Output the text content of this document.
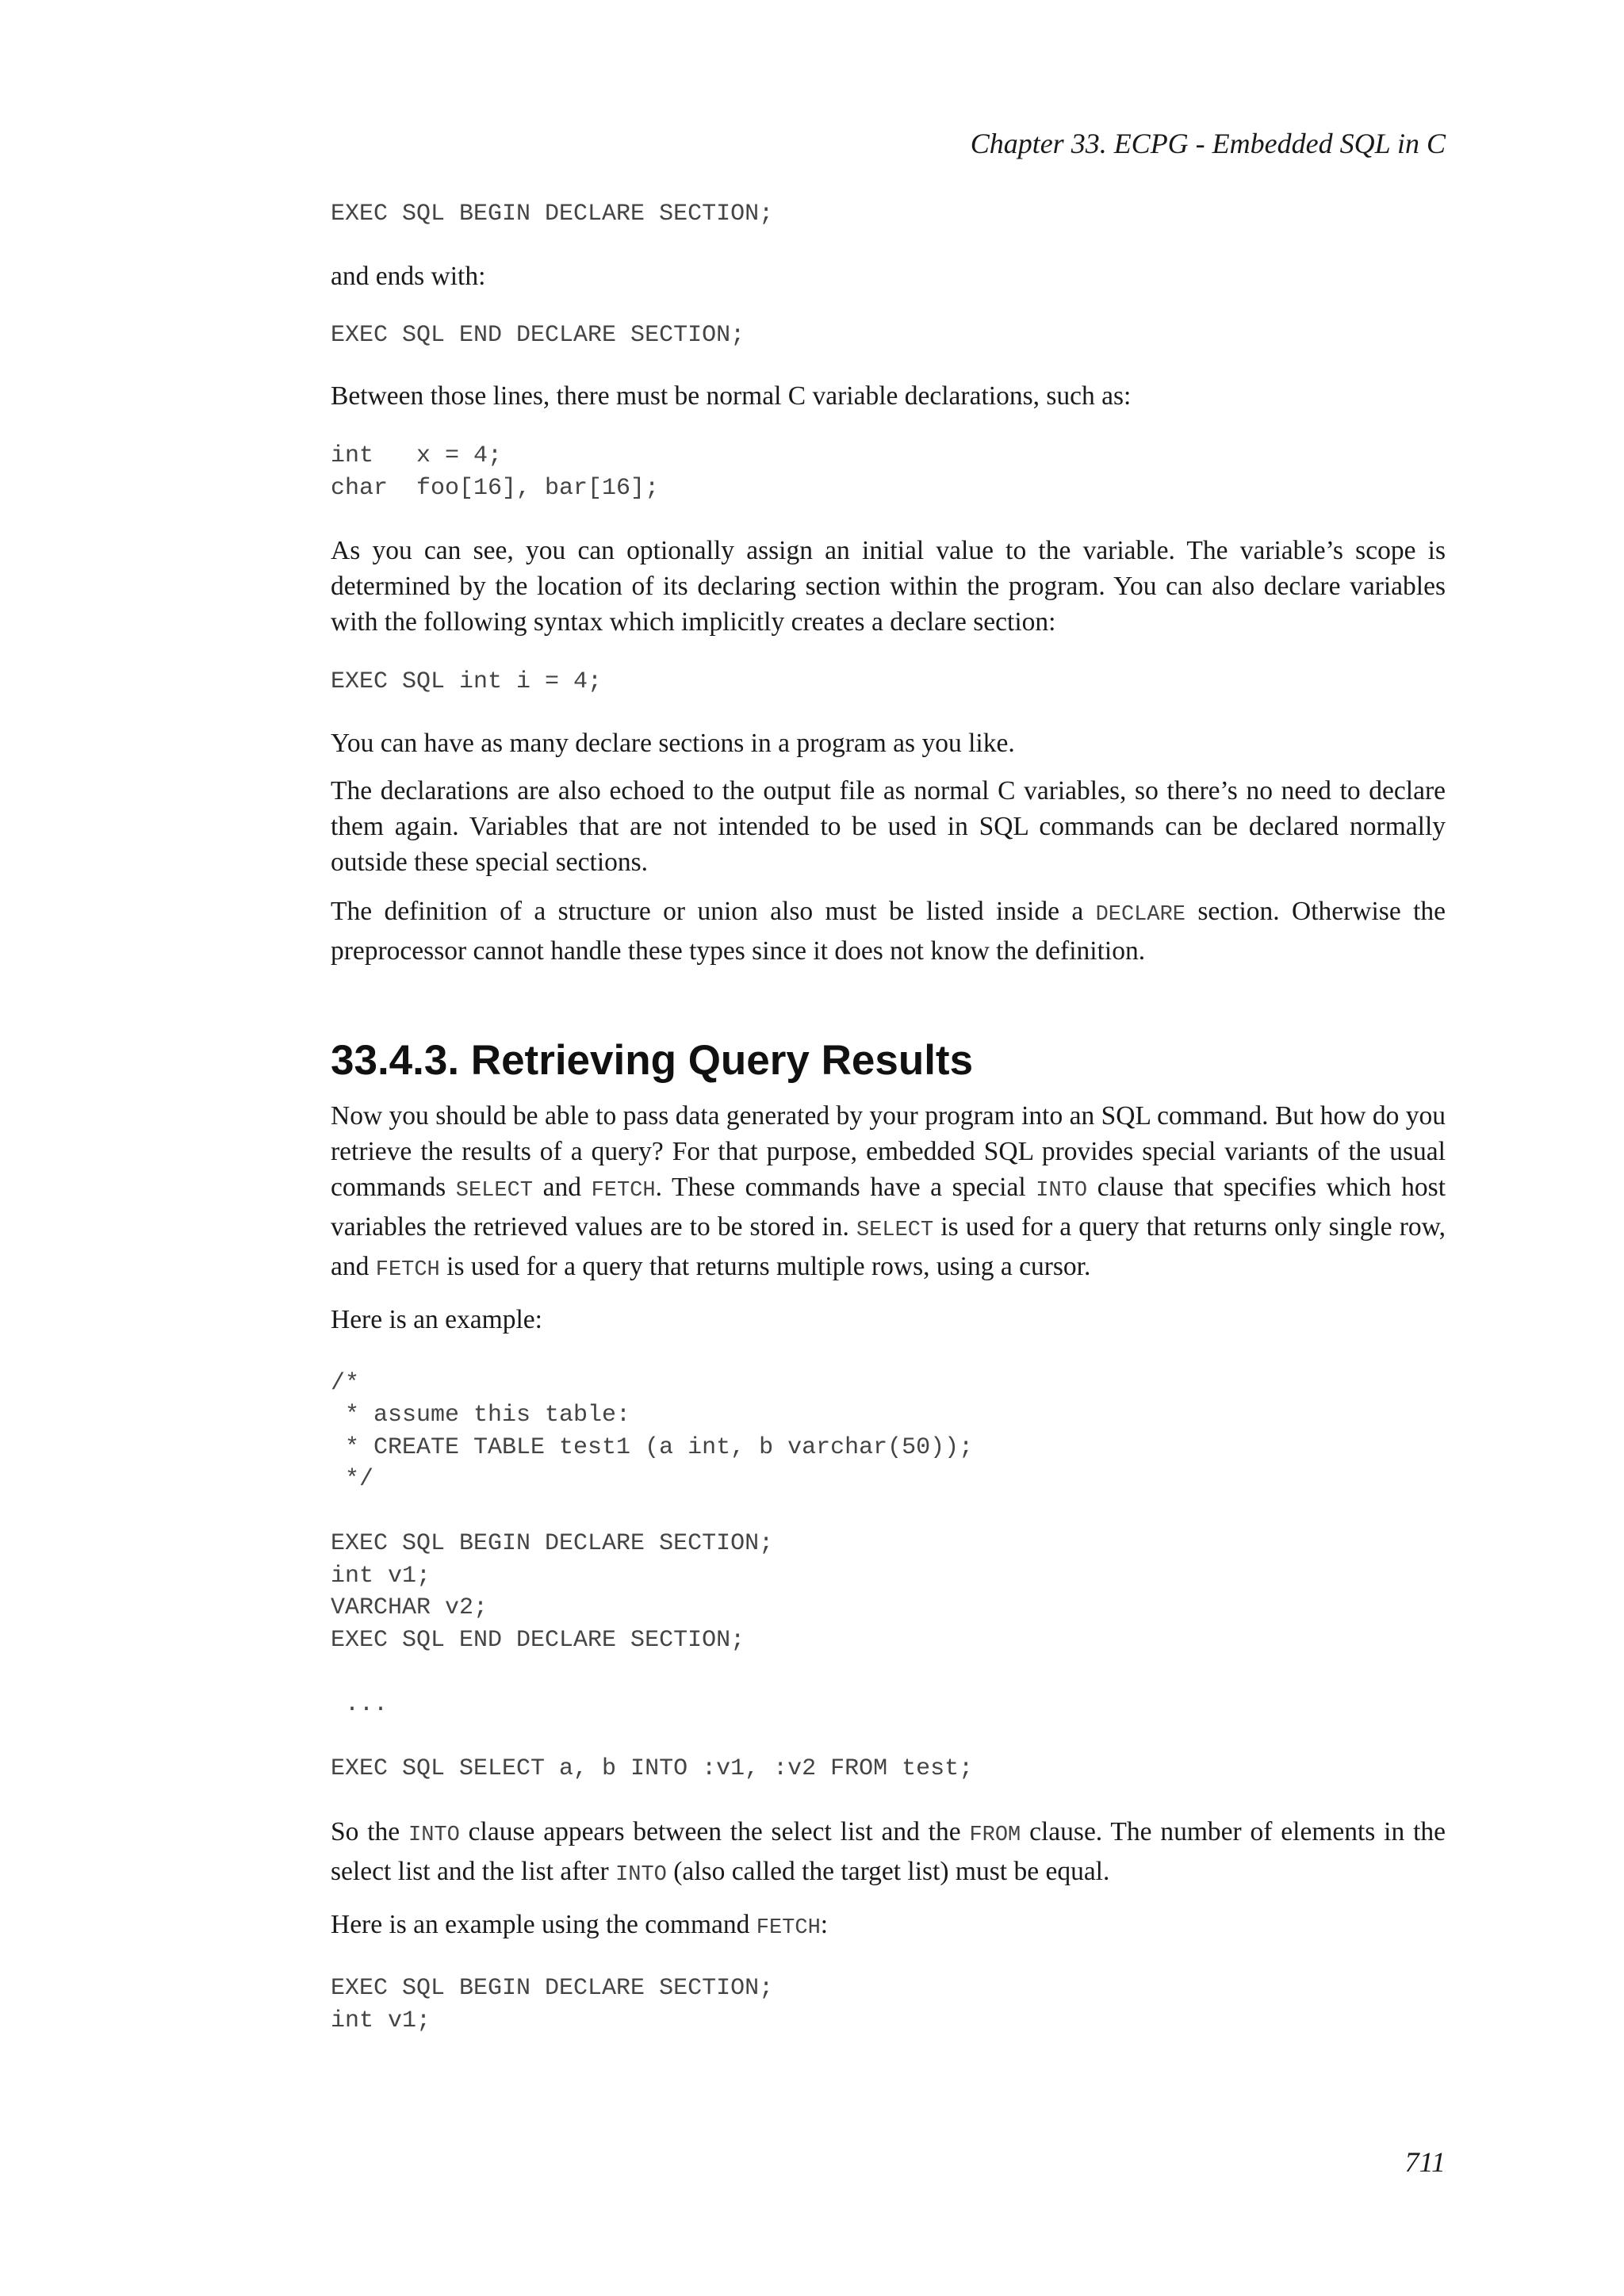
Chapter 33. ECPG - Embedded SQL in C
EXEC SQL BEGIN DECLARE SECTION;

and ends with:

EXEC SQL END DECLARE SECTION;

Between those lines, there must be normal C variable declarations, such as:

int   x = 4;
char  foo[16], bar[16];

As you can see, you can optionally assign an initial value to the variable. The variable’s scope is determined by the location of its declaring section within the program. You can also declare variables with the following syntax which implicitly creates a declare section:

EXEC SQL int i = 4;

You can have as many declare sections in a program as you like.

The declarations are also echoed to the output file as normal C variables, so there’s no need to declare them again. Variables that are not intended to be used in SQL commands can be declared normally outside these special sections.

The definition of a structure or union also must be listed inside a DECLARE section. Otherwise the preprocessor cannot handle these types since it does not know the definition.

33.4.3. Retrieving Query Results

Now you should be able to pass data generated by your program into an SQL command. But how do you retrieve the results of a query? For that purpose, embedded SQL provides special variants of the usual commands SELECT and FETCH. These commands have a special INTO clause that specifies which host variables the retrieved values are to be stored in. SELECT is used for a query that returns only single row, and FETCH is used for a query that returns multiple rows, using a cursor.

Here is an example:

/*
* assume this table:
* CREATE TABLE test1 (a int, b varchar(50));
*/

EXEC SQL BEGIN DECLARE SECTION;
int v1;
VARCHAR v2;
EXEC SQL END DECLARE SECTION;

...

EXEC SQL SELECT a, b INTO :v1, :v2 FROM test;

So the INTO clause appears between the select list and the FROM clause. The number of elements in the select list and the list after INTO (also called the target list) must be equal.

Here is an example using the command FETCH:

EXEC SQL BEGIN DECLARE SECTION;
int v1;
711
